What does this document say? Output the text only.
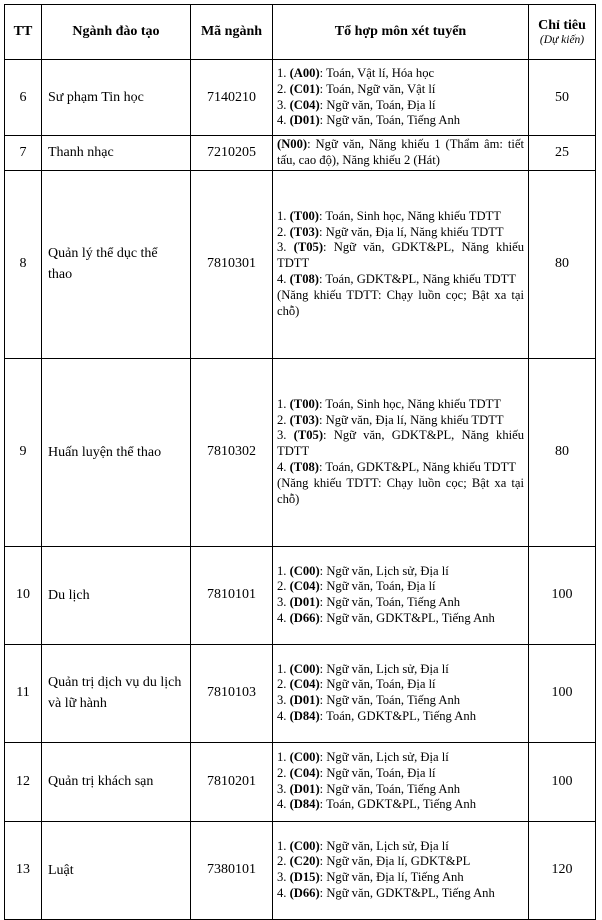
TT	Ngành đào tạo	Mã ngành	Tổ hợp môn xét tuyển	Chỉ tiêu
(Dự kiến)

6	Sư phạm Tin học	7140210	1. (A00): Toán, Vật lí, Hóa học
2. (C01): Toán, Ngữ văn, Vật lí
3. (C04): Ngữ văn, Toán, Địa lí
4. (D01): Ngữ văn, Toán, Tiếng Anh	50
7	Thanh nhạc	7210205	(N00): Ngữ văn, Năng khiếu 1 (Thẩm âm: tiết tấu, cao độ), Năng khiếu 2 (Hát)	25
8	Quản lý thể dục thể thao	7810301	1. (T00): Toán, Sinh học, Năng khiếu TDTT
2. (T03): Ngữ văn, Địa lí, Năng khiếu TDTT
3. (T05): Ngữ văn, GDKT&PL, Năng khiếu TDTT
4. (T08): Toán, GDKT&PL, Năng khiếu TDTT
(Năng khiếu TDTT: Chạy luồn cọc; Bật xa tại chỗ)	80
9	Huấn luyện thể thao	7810302	1. (T00): Toán, Sinh học, Năng khiếu TDTT
2. (T03): Ngữ văn, Địa lí, Năng khiếu TDTT
3. (T05): Ngữ văn, GDKT&PL, Năng khiếu TDTT
4. (T08): Toán, GDKT&PL, Năng khiếu TDTT
(Năng khiếu TDTT: Chạy luồn cọc; Bật xa tại chỗ)	80
10	Du lịch	7810101	1. (C00): Ngữ văn, Lịch sử, Địa lí
2. (C04): Ngữ văn, Toán, Địa lí
3. (D01): Ngữ văn, Toán, Tiếng Anh
4. (D66): Ngữ văn, GDKT&PL, Tiếng Anh	100
11	Quản trị dịch vụ du lịch và lữ hành	7810103	1. (C00): Ngữ văn, Lịch sử, Địa lí
2. (C04): Ngữ văn, Toán, Địa lí
3. (D01): Ngữ văn, Toán, Tiếng Anh
4. (D84): Toán, GDKT&PL, Tiếng Anh	100
12	Quản trị khách sạn	7810201	1. (C00): Ngữ văn, Lịch sử, Địa lí
2. (C04): Ngữ văn, Toán, Địa lí
3. (D01): Ngữ văn, Toán, Tiếng Anh
4. (D84): Toán, GDKT&PL, Tiếng Anh	100
13	Luật	7380101	1. (C00): Ngữ văn, Lịch sử, Địa lí
2. (C20): Ngữ văn, Địa lí, GDKT&PL
3. (D15): Ngữ văn, Địa lí, Tiếng Anh
4. (D66): Ngữ văn, GDKT&PL, Tiếng Anh	120
